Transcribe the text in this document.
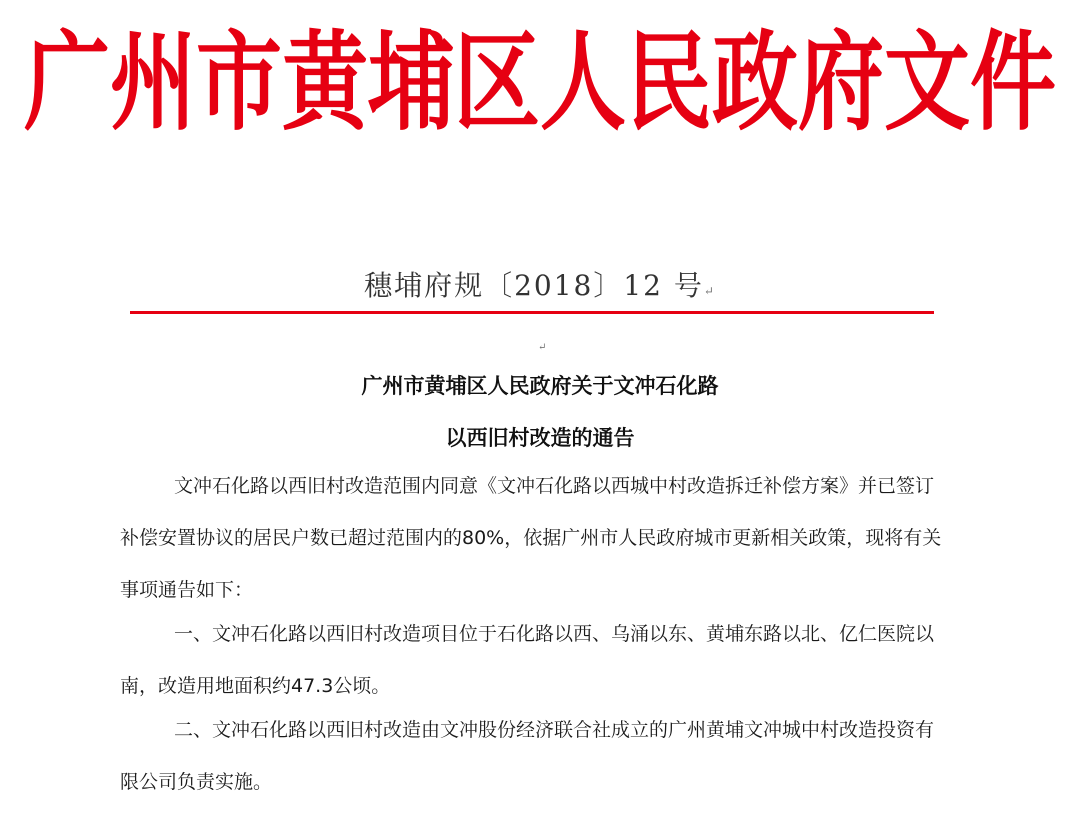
广州市黄埔区人民政府文件
穗埔府规〔2018〕12 号↵
↵
广州市黄埔区人民政府关于文冲石化路
以西旧村改造的通告
文冲石化路以西旧村改造范围内同意《文冲石化路以西城中村改造拆迁补偿方案》并已签订
补偿安置协议的居民户数已超过范围内的80%，依据广州市人民政府城市更新相关政策，现将有关
事项通告如下：
一、文冲石化路以西旧村改造项目位于石化路以西、乌涌以东、黄埔东路以北、亿仁医院以
南，改造用地面积约47.3公顷。
二、文冲石化路以西旧村改造由文冲股份经济联合社成立的广州黄埔文冲城中村改造投资有
限公司负责实施。
